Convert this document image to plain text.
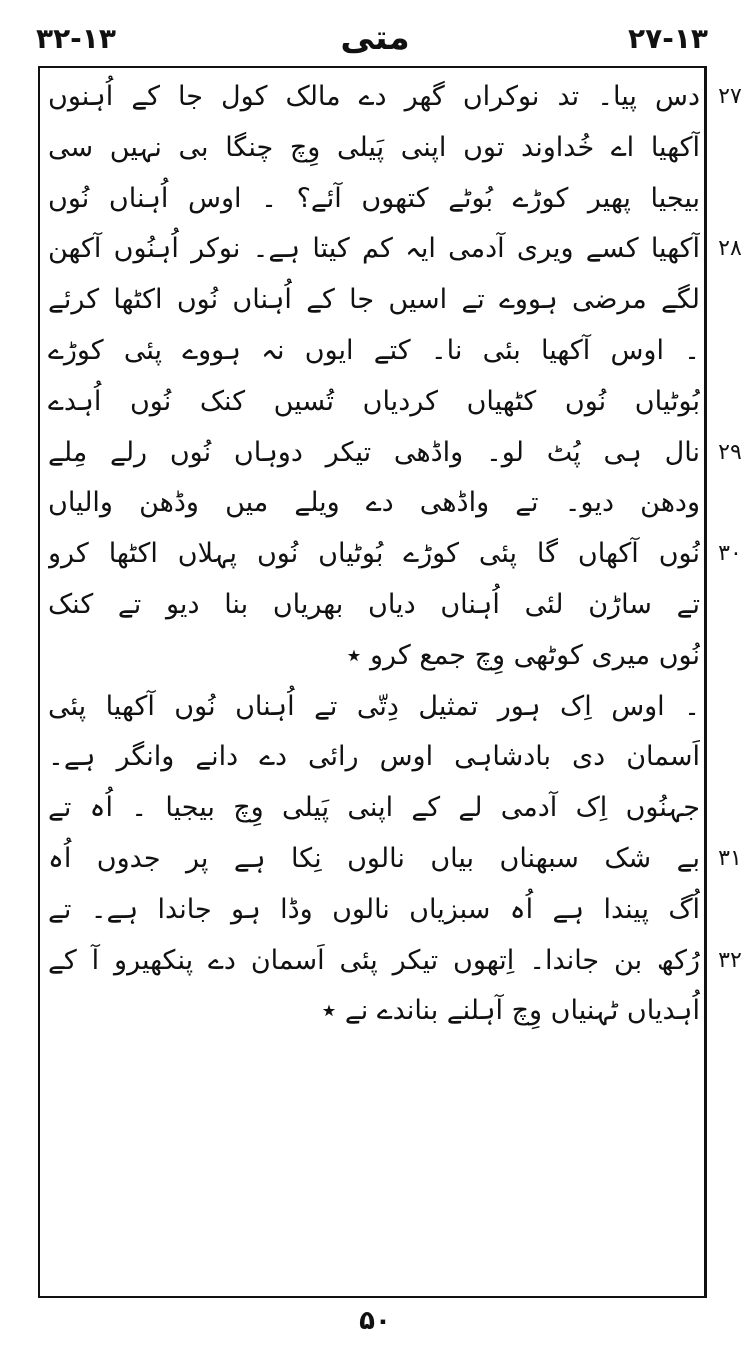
۳۲-۱۳	متی	۲۷-۱۳
دس پیا۔ تد نوکراں گھر دے مالک کول جا کے اُہنوں
آکھیا اے خُداوند توں اپنی پَیلی وِچ چنگا بی نہیں سی
بیجیا پھیر کوڑے بُوٹے کتھوں آئے؟ ۔ اوس اُہناں نُوں
آکھیا کسے ویری آدمی ایہ کم کیتا ہے۔ نوکر اُہنُوں آکھن
لگے مرضی ہووے تے اسیں جا کے اُہناں نُوں اکٹھا کرئے
۔ اوس آکھیا بئی نا۔ کتے ایوں نہ ہووے پئی کوڑے
بُوٹیاں نُوں کٹھیاں کردیاں تُسیں کنک نُوں اُہدے
نال ہی پُٹ لو۔ واڈھی تیکر دوہاں نُوں رلے مِلے
ودھن دیو۔ تے واڈھی دے ویلے میں وڈھن والیاں
نُوں آکھاں گا پئی کوڑے بُوٹیاں نُوں پہلاں اکٹھا کرو
تے ساڑن لئی اُہناں دیاں بھریاں بنا دیو تے کنک
نُوں میری کوٹھی وِچ جمع کرو ٭
۔ اوس اِک ہور تمثیل دِتّی تے اُہناں نُوں آکھیا پئی
اَسمان دی بادشاہی اوس رائی دے دانے وانگر ہے۔
جہنُوں اِک آدمی لے کے اپنی پَیلی وِچ بیجیا ۔ اُہ تے
بے شک سبھناں بیاں نالوں نِکا ہے پر جدوں اُہ
اُگ پیندا ہے اُہ سبزیاں نالوں وڈا ہو جاندا ہے۔ تے
رُکھ بن جاندا۔ اِتھوں تیکر پئی اَسمان دے پنکھیرو آ کے
اُہدیاں ٹہنیاں وِچ آہلنے بناندے نے ٭
۲۷
۲۸
۲۹
۳۰
۳۱
۳۲
۵۰
